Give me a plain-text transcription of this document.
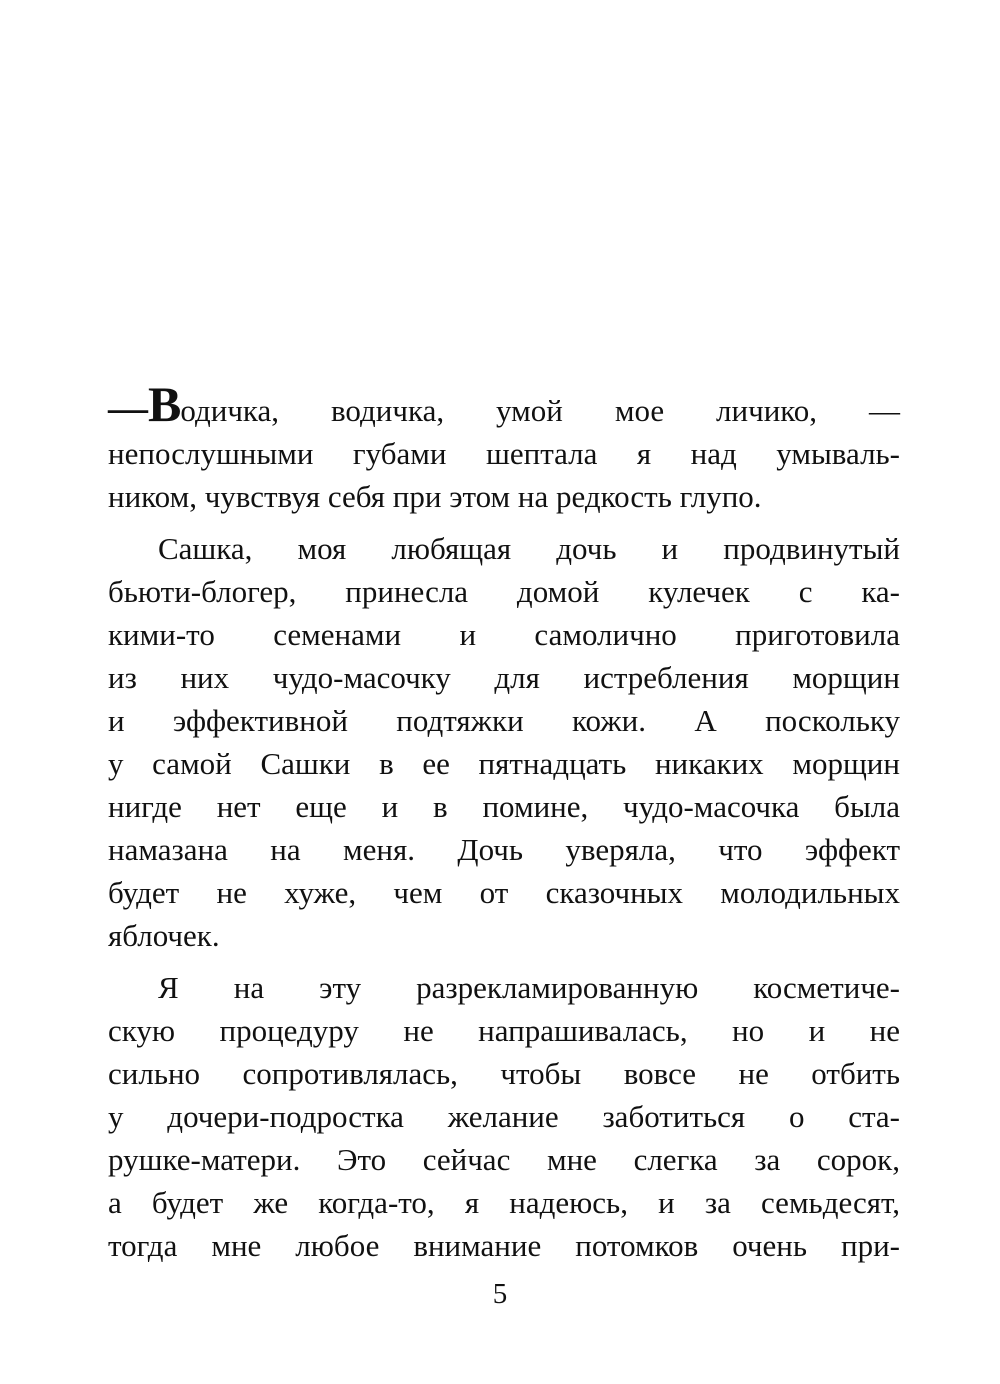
—Водичка, водичка, умой мое личико, —
непослушными губами шептала я над умываль-
ником, чувствуя себя при этом на редкость глупо.
Сашка, моя любящая дочь и продвинутый
бьюти-блогер, принесла домой кулечек с ка-
кими-то семенами и самолично приготовила
из них чудо-масочку для истребления морщин
и эффективной подтяжки кожи. А поскольку
у самой Сашки в ее пятнадцать никаких морщин
нигде нет еще и в помине, чудо-масочка была
намазана на меня. Дочь уверяла, что эффект
будет не хуже, чем от сказочных молодильных
яблочек.
Я на эту разрекламированную косметиче-
скую процедуру не напрашивалась, но и не
сильно сопротивлялась, чтобы вовсе не отбить
у дочери-подростка желание заботиться о ста-
рушке-матери. Это сейчас мне слегка за сорок,
а будет же когда-то, я надеюсь, и за семьдесят,
тогда мне любое внимание потомков очень при-
5
